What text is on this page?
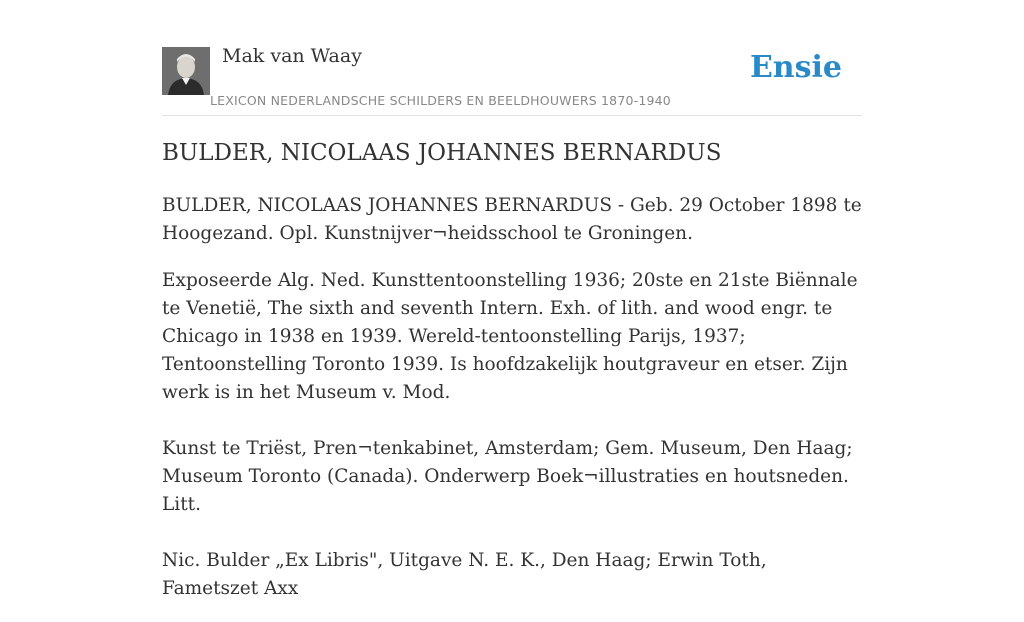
Mak van Waay
LEXICON NEDERLANDSCHE SCHILDERS EN BEELDHOUWERS 1870-1940
Ensie
BULDER, NICOLAAS JOHANNES BERNARDUS

BULDER, NICOLAAS JOHANNES BERNARDUS - Geb. 29 October 1898 te Hoogezand. Opl. Kunstnijver¬heidsschool te Groningen.

Exposeerde Alg. Ned. Kunsttentoonstelling 1936; 20ste en 21ste Biënnale te Venetië, The sixth and seventh Intern. Exh. of lith. and wood engr. te Chicago in 1938 en 1939. Wereld-tentoonstelling Parijs, 1937; Tentoonstelling Toronto 1939. Is hoofdzakelijk houtgraveur en etser. Zijn werk is in het Museum v. Mod.

Kunst te Triëst, Pren¬tenkabinet, Amsterdam; Gem. Museum, Den Haag; Museum Toronto (Canada). Onderwerp Boek¬illustraties en houtsneden. Litt.

Nic. Bulder „Ex Libris", Uitgave N. E. K., Den Haag; Erwin Toth, Fametszet Axx
